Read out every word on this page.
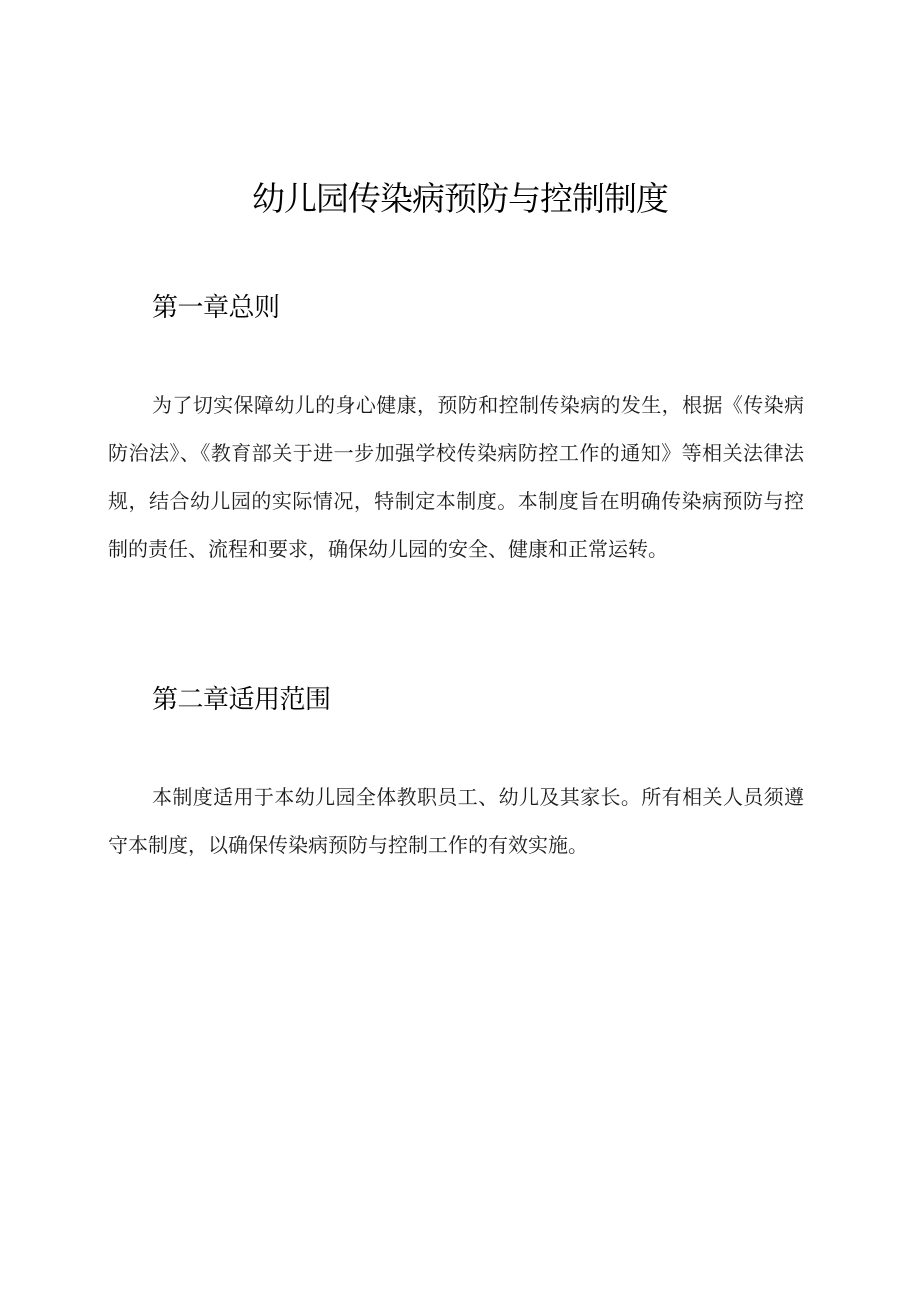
幼儿园传染病预防与控制制度
第一章总则

为了切实保障幼儿的身心健康，预防和控制传染病的发生，根据《传染病防治法》、《教育部关于进一步加强学校传染病防控工作的通知》等相关法律法规，结合幼儿园的实际情况，特制定本制度。本制度旨在明确传染病预防与控制的责任、流程和要求，确保幼儿园的安全、健康和正常运转。

第二章适用范围

本制度适用于本幼儿园全体教职员工、幼儿及其家长。所有相关人员须遵守本制度，以确保传染病预防与控制工作的有效实施。
